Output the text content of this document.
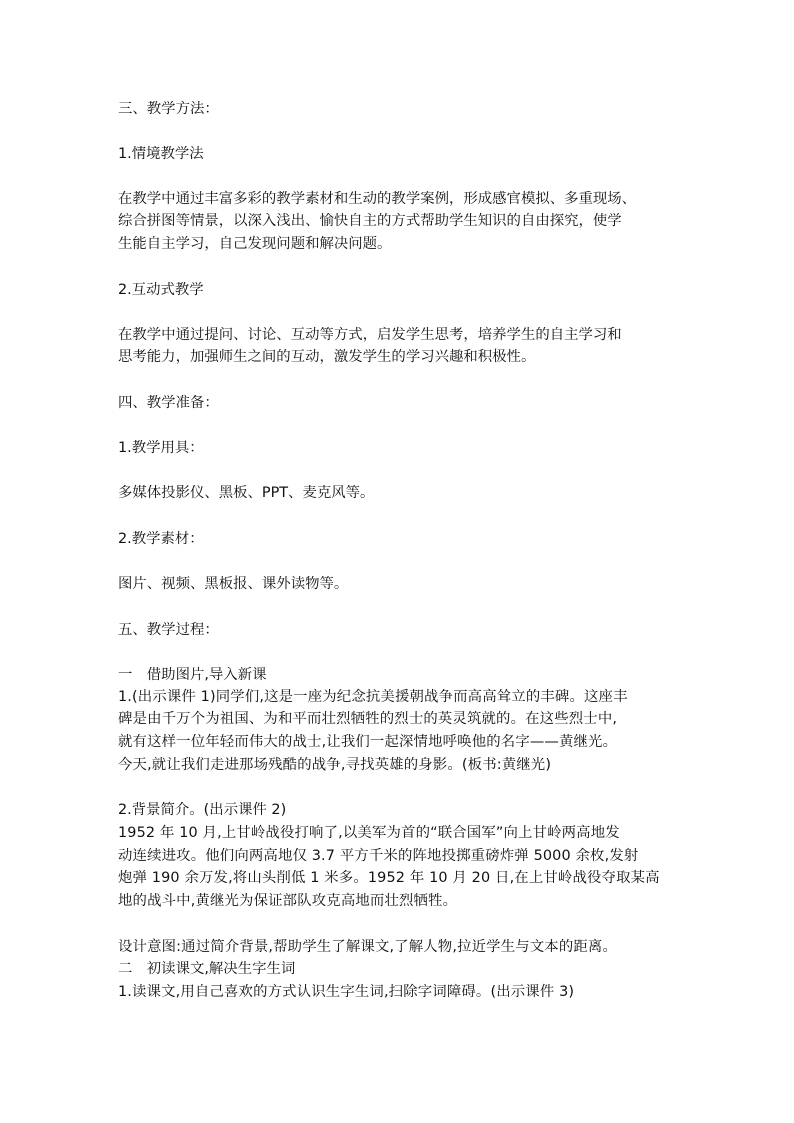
三、教学方法：
1.情境教学法
在教学中通过丰富多彩的教学素材和生动的教学案例，形成感官模拟、多重现场、
综合拼图等情景，以深入浅出、愉快自主的方式帮助学生知识的自由探究，使学
生能自主学习，自己发现问题和解决问题。
2.互动式教学
在教学中通过提问、讨论、互动等方式，启发学生思考，培养学生的自主学习和
思考能力，加强师生之间的互动，激发学生的学习兴趣和积极性。
四、教学准备：
1.教学用具：
多媒体投影仪、黑板、PPT、麦克风等。
2.教学素材：
图片、视频、黑板报、课外读物等。
五、教学过程：
一　借助图片,导入新课
1.(出示课件 1)同学们,这是一座为纪念抗美援朝战争而高高耸立的丰碑。这座丰
碑是由千万个为祖国、为和平而壮烈牺牲的烈士的英灵筑就的。在这些烈士中,
就有这样一位年轻而伟大的战士,让我们一起深情地呼唤他的名字——黄继光。
今天,就让我们走进那场残酷的战争,寻找英雄的身影。(板书:黄继光)
2.背景简介。(出示课件 2)
1952 年 10 月,上甘岭战役打响了,以美军为首的“联合国军”向上甘岭两高地发
动连续进攻。他们向两高地仅 3.7 平方千米的阵地投掷重磅炸弹 5000 余枚,发射
炮弹 190 余万发,将山头削低 1 米多。1952 年 10 月 20 日,在上甘岭战役夺取某高
地的战斗中,黄继光为保证部队攻克高地而壮烈牺牲。
设计意图:通过简介背景,帮助学生了解课文,了解人物,拉近学生与文本的距离。
二　初读课文,解决生字生词
1.读课文,用自己喜欢的方式认识生字生词,扫除字词障碍。(出示课件 3)
